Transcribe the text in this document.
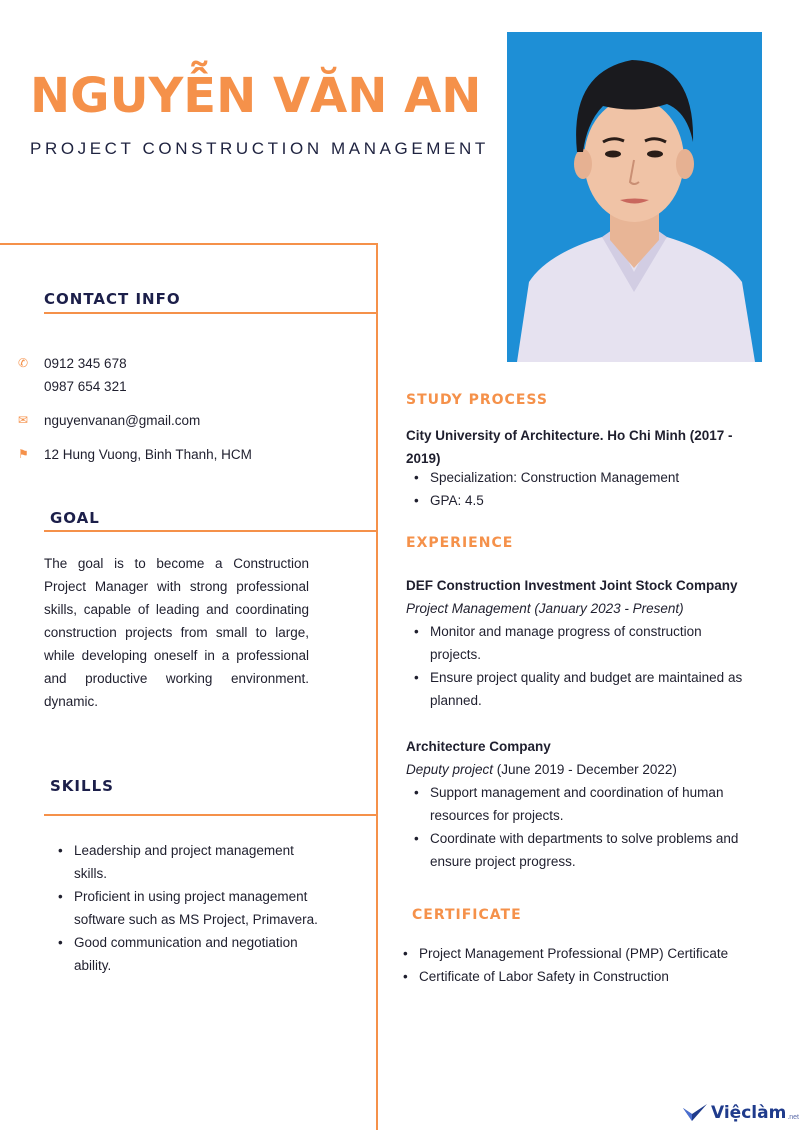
NGUYỄN VĂN AN
PROJECT CONSTRUCTION MANAGEMENT
CONTACT INFO
✆	0912 345 678
0987 654 321
✉	nguyenvanan@gmail.com
⚑	12 Hung Vuong, Binh Thanh, HCM
GOAL
The goal is to become a Construction Project Manager with strong professional skills, capable of leading and coordinating construction projects from small to large, while developing oneself in a professional and productive working environment. dynamic.
SKILLS
• Leadership and project management skills.
• Proficient in using project management software such as MS Project, Primavera.
• Good communication and negotiation ability.
STUDY PROCESS
City University of Architecture. Ho Chi Minh (2017 - 2019)
• Specialization: Construction Management
• GPA: 4.5
EXPERIENCE
DEF Construction Investment Joint Stock Company
Project Management (January 2023 - Present)
• Monitor and manage progress of construction projects.
• Ensure project quality and budget are maintained as planned.
Architecture Company
Deputy project (June 2019 - December 2022)
• Support management and coordination of human resources for projects.
• Coordinate with departments to solve problems and ensure project progress.
CERTIFICATE
• Project Management Professional (PMP) Certificate
• Certificate of Labor Safety in Construction
Việclàm .net
